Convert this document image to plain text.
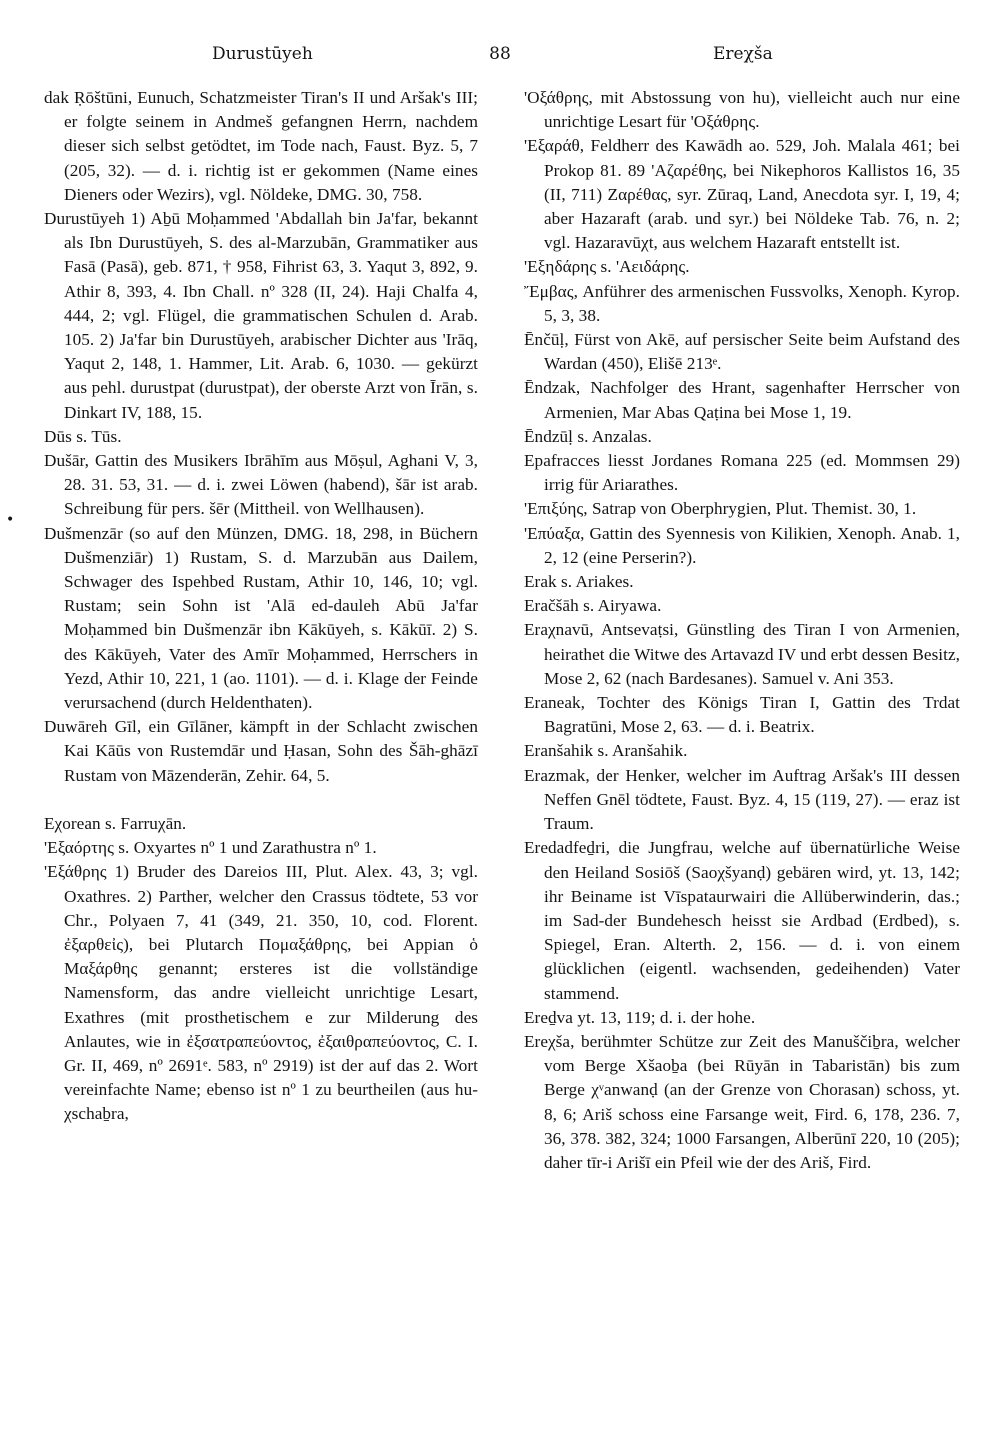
Durustūyeh	88	Ereχša
•

dak Ṛōštūni, Eunuch, Schatzmeister Tiran's II und Aršak's III; er folgte seinem in Andmeš gefangnen Herrn, nachdem dieser sich selbst getödtet, im Tode nach, Faust. Byz. 5, 7 (205, 32). — d. i. richtig ist er gekommen (Name eines Dieners oder Wezirs), vgl. Nöldeke, DMG. 30, 758.

Durustūyeh 1) Aḇū Moḥammed 'Abdallah bin Ja'far, bekannt als Ibn Durustūyeh, S. des al-Marzubān, Grammatiker aus Fasā (Pasā), geb. 871, † 958, Fihrist 63, 3. Yaqut 3, 892, 9. Athir 8, 393, 4. Ibn Chall. nº 328 (II, 24). Haji Chalfa 4, 444, 2; vgl. Flügel, die grammatischen Schulen d. Arab. 105. 2) Ja'far bin Durustūyeh, arabischer Dichter aus 'Irāq, Yaqut 2, 148, 1. Hammer, Lit. Arab. 6, 1030. — gekürzt aus pehl. durustpat (durustpat), der oberste Arzt von Īrān, s. Dinkart IV, 188, 15.

Dūs s. Tūs.

Dušār, Gattin des Musikers Ibrāhīm aus Mōṣul, Aghani V, 3, 28. 31. 53, 31. — d. i. zwei Löwen (habend), šār ist arab. Schreibung für pers. šēr (Mittheil. von Wellhausen).

Dušmenzār (so auf den Münzen, DMG. 18, 298, in Büchern Dušmenziār) 1) Rustam, S. d. Marzubān aus Dailem, Schwager des Ispehbed Rustam, Athir 10, 146, 10; vgl. Rustam; sein Sohn ist 'Alā ed-dauleh Abū Ja'far Moḥammed bin Dušmenzār ibn Kākūyeh, s. Kākūī. 2) S. des Kākūyeh, Vater des Amīr Moḥammed, Herrschers in Yezd, Athir 10, 221, 1 (ao. 1101). — d. i. Klage der Feinde verursachend (durch Heldenthaten).

Duwāreh Gīl, ein Gīlāner, kämpft in der Schlacht zwischen Kai Kāūs von Rustemdār und Ḥasan, Sohn des Šāh-ghāzī Rustam von Māzenderān, Zehir. 64, 5.

Eχorean s. Farruχān.

'Εξαόρτης s. Oxyartes nº 1 und Zarathustra nº 1.

'Εξάθρης 1) Bruder des Dareios III, Plut. Alex. 43, 3; vgl. Oxathres. 2) Parther, welcher den Crassus tödtete, 53 vor Chr., Polyaen 7, 41 (349, 21. 350, 10, cod. Florent. ἐξαρθεἰς), bei Plutarch Πομαξάθρης, bei Appian ὁ Μαξάρθης genannt; ersteres ist die vollständige Namensform, das andre vielleicht unrichtige Lesart, Exathres (mit prosthetischem e zur Milderung des Anlautes, wie in ἐξσατραπεύοντος, ἐξαιθραπεύοντος, C. I. Gr. II, 469, nº 2691ᵉ. 583, nº 2919) ist der auf das 2. Wort vereinfachte Name; ebenso ist nº 1 zu beurtheilen (aus hu-χschaḇra,

'Οξάθρης, mit Abstossung von hu), vielleicht auch nur eine unrichtige Lesart für 'Οξάθρης.

'Εξαράθ, Feldherr des Kawādh ao. 529, Joh. Malala 461; bei Prokop 81. 89 'Αζαρέθης, bei Nikephoros Kallistos 16, 35 (II, 711) Ζαρέθας, syr. Zūraq, Land, Anecdota syr. I, 19, 4; aber Hazaraft (arab. und syr.) bei Nöldeke Tab. 76, n. 2; vgl. Hazaravūχt, aus welchem Hazaraft entstellt ist.

'Εξηδάρης s. 'Αειδάρης.

Ἔμβας, Anführer des armenischen Fussvolks, Xenoph. Kyrop. 5, 3, 38.

Ēnčūḷ, Fürst von Akē, auf persischer Seite beim Aufstand des Wardan (450), Elišē 213ᵉ.

Ēndzak, Nachfolger des Hrant, sagenhafter Herrscher von Armenien, Mar Abas Qaṭina bei Mose 1, 19.

Ēndzūḷ s. Anzalas.

Epafracces liesst Jordanes Romana 225 (ed. Mommsen 29) irrig für Ariarathes.

'Επιξύης, Satrap von Oberphrygien, Plut. Themist. 30, 1.

'Επύαξα, Gattin des Syennesis von Kilikien, Xenoph. Anab. 1, 2, 12 (eine Perserin?).

Erak s. Ariakes.

Eračšāh s. Airyawa.

Eraχnavū, Antsevaṭsi, Günstling des Tiran I von Armenien, heirathet die Witwe des Artavazd IV und erbt dessen Besitz, Mose 2, 62 (nach Bardesanes). Samuel v. Ani 353.

Eraneak, Tochter des Königs Tiran I, Gattin des Trdat Bagratūni, Mose 2, 63. — d. i. Beatrix.

Eranšahik s. Aranšahik.

Erazmak, der Henker, welcher im Auftrag Aršak's III dessen Neffen Gnēl tödtete, Faust. Byz. 4, 15 (119, 27). — eraz ist Traum.

Eredadfeḏri, die Jungfrau, welche auf übernatürliche Weise den Heiland Sosiōš (Saoχšyanḍ) gebären wird, yt. 13, 142; ihr Beiname ist Vīspataurwairi die Allüberwinderin, das.; im Sad-der Bundehesch heisst sie Ardbad (Erdbed), s. Spiegel, Eran. Alterth. 2, 156. — d. i. von einem glücklichen (eigentl. wachsenden, gedeihenden) Vater stammend.

Ereḏva yt. 13, 119; d. i. der hohe.

Ereχša, berühmter Schütze zur Zeit des Manuščiḇra, welcher vom Berge Xšaoḇa (bei Rūyān in Tabaristān) bis zum Berge χᵛanwanḍ (an der Grenze von Chorasan) schoss, yt. 8, 6; Ariš schoss eine Farsange weit, Fird. 6, 178, 236. 7, 36, 378. 382, 324; 1000 Farsangen, Alberūnī 220, 10 (205); daher tīr-i Arišī ein Pfeil wie der des Ariš, Fird.
